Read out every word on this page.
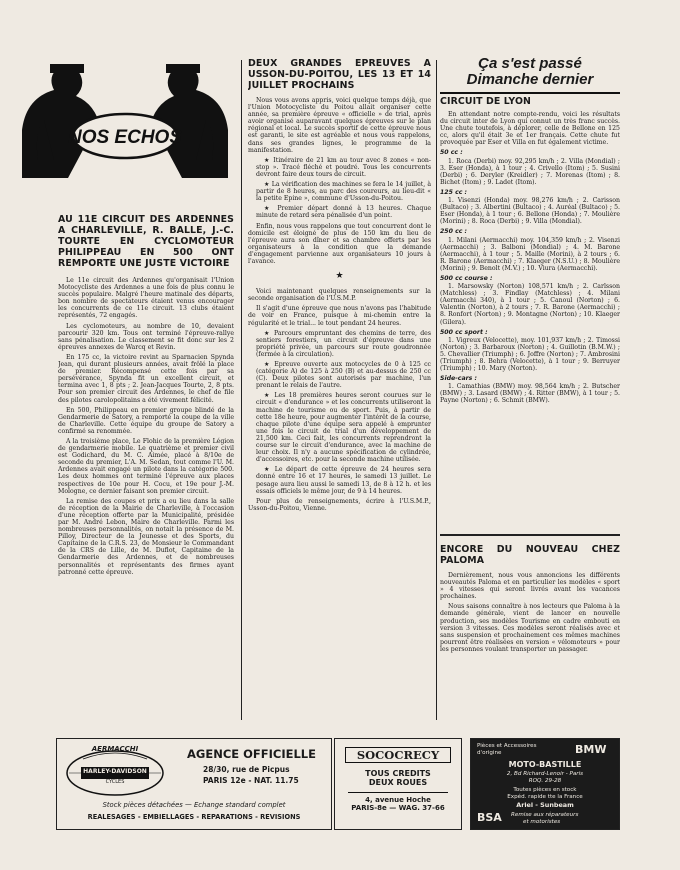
NOS ECHOS
AU 11E CIRCUIT DES ARDENNES A CHARLEVILLE, R. BALLE, J.-C. TOURTE EN CYCLOMOTEUR PHILIPPEAU EN 500 ONT REMPORTE UNE JUSTE VICTOIRE

Le 11e circuit des Ardennes qu'organisait l'Union Motocycliste des Ardennes a une fois de plus connu le succès populaire. Malgré l'heure matinale des départs, bon nombre de spectateurs étaient venus encourager les concurrents de ce 11e circuit. 13 clubs étaient représentés, 72 engagés.

Les cyclomoteurs, au nombre de 10, devaient parcourir 320 km. Tous ont terminé l'épreuve-rallye sans pénalisation. Le classement se fit donc sur les 2 épreuves annexes de Warcq et Revin.

En 175 cc, la victoire revint au Sparnacien Spynda Jean, qui durant plusieurs années, avait frôlé la place de premier. Récompensé cette fois par sa persévérance, Spynda fit un excellent circuit, et termina avec 1, 8 pts ; 2. Jean-Jacques Tourte, 2, 8 pts. Pour son premier circuit des Ardennes, le chef de file des pilotes carolopolitains a été vivement félicité.

En 500, Philippeau en premier groupe blindé de la Gendarmerie de Satory, a remporté la coupe de la ville de Charleville. Cette équipe du groupe de Satory a confirmé sa renommée.

A la troisième place, Le Flohic de la première Légion de gendarmerie mobile. Le quatrième et premier civil est Godichard, du M. C. Aimée, placé à 8/10e de seconde du premier, L'A. M. Sedan, tout comme l'U. M. Ardennes avait engagé un pilote dans la catégorie 500. Les deux hommes ont terminé l'épreuve aux places respectives de 10e pour H. Cocu, et 19e pour J.-M. Mologne, ce dernier faisant son premier circuit.

La remise des coupes et prix a eu lieu dans la salle de réception de la Mairie de Charleville, à l'occasion d'une réception offerte par la Municipalité, présidée par M. André Lebon, Maire de Charleville. Parmi les nombreuses personnalités, on notait la présence de M. Pilloy, Directeur de la Jeunesse et des Sports, du Capitaine de la C.R.S. 23, de Monsieur le Commandant de la CRS de Lille, de M. Duflot, Capitaine de la Gendarmerie des Ardennes, et de nombreuses personnalités et représentants des firmes ayant patronné cette épreuve.

DEUX GRANDES EPREUVES A USSON-DU-POITOU, LES 13 ET 14 JUILLET PROCHAINS

Nous vous avons appris, voici quelque temps déjà, que l'Union Motocycliste du Poitou allait organiser cette année, sa première épreuve « officielle » de trial, après avoir organisé auparavant quelques épreuves sur le plan régional et local. Le succès sportif de cette épreuve nous est garanti, le site est agréable et nous vous rappelons, dans ses grandes lignes, le programme de la manifestation.

★ Itinéraire de 21 km au tour avec 8 zones « non-stop ». Tracé fléché et poudré. Tous les concurrents devront faire deux tours de circuit.

★ La vérification des machines se fera le 14 juillet, à partir de 8 heures, au parc des coureurs, au lieu-dit « la petite Epine », commune d'Usson-du-Poitou.

★ Premier départ donné à 13 heures. Chaque minute de retard sera pénalisée d'un point.

Enfin, nous vous rappelons que tout concurrent dont le domicile est éloigné de plus de 150 km du lieu de l'épreuve aura son dîner et sa chambre offerts par les organisateurs à la condition que la demande d'engagement parvienne aux organisateurs 10 jours à l'avance.

★

Voici maintenant quelques renseignements sur la seconde organisation de l'U.S.M.P.

Il s'agit d'une épreuve que nous n'avons pas l'habitude de voir en France, puisque à mi-chemin entre la régularité et le trial... le tout pendant 24 heures.

★ Parcours empruntant des chemins de terre, des sentiers forestiers, un circuit d'épreuve dans une propriété privée, un parcours sur route goudronnée (fermée à la circulation).

★ Epreuve ouverte aux motocycles de 0 à 125 cc (catégorie A) de 125 à 250 (B) et au-dessus de 250 cc (C). Deux pilotes sont autorisés par machine, l'un prenant le relais de l'autre.

★ Les 18 premières heures seront courues sur le circuit « d'endurance » et les concurrents utiliseront la machine de tourisme ou de sport. Puis, à partir de cette 18e heure, pour augmenter l'intérêt de la course, chaque pilote d'une équipe sera appelé à emprunter une fois le circuit de trial d'un développement de 21,500 km. Ceci fait, les concurrents reprendront la course sur le circuit d'endurance, avec la machine de leur choix. Il n'y a aucune spécification de cylindrée, d'accessoires, etc. pour la seconde machine utilisée.

★ Le départ de cette épreuve de 24 heures sera donné entre 16 et 17 heures, le samedi 13 juillet. Le pesage aura lieu aussi le samedi 13, de 8 à 12 h. et les essais officiels le même jour, de 9 à 14 heures.

Pour plus de renseignements, écrire à l'U.S.M.P., Usson-du-Poitou, Vienne.

Ça s'est passé
Dimanche dernier
CIRCUIT DE LYON

En attendant notre compte-rendu, voici les résultats du circuit inter de Lyon qui connut un très franc succès. Une chute toutefois, à déplorer, celle de Bellone en 125 cc, alors qu'il était 3e et 1er français. Cette chute fut provoquée par Eser et Villa en fut également victime.

50 cc :

1. Roca (Derbi) moy. 92,295 km/h ; 2. Villa (Mondial) ; 3. Eser (Honda), à 1 tour ; 4. Crivello (Itom) ; 5. Susini (Derbi) ; 6. Deryler (Kreidler) ; 7. Morenas (Itom) ; 8. Bichet (Itom) ; 9. Ladet (Itom).

125 cc :

1. Visenzi (Honda) moy. 98,276 km/h ; 2. Carisson (Bultaco) ; 3. Albertini (Bultaco) ; 4. Auréal (Bultaco) ; 5. Eser (Honda), à 1 tour ; 6. Bellone (Honda) ; 7. Moulière (Morini) ; 8. Roca (Derbi) ; 9. Villa (Mondial).

250 cc :

1. Milani (Aermacchi) moy. 104,359 km/h ; 2. Visenzi (Aermacchi) ; 3. Balboni (Mondial) ; 4. M. Barone (Aermacchi), à 1 tour ; 5. Maille (Morini), à 2 tours ; 6. R. Barone (Aermacchi) ; 7. Klaeger (N.S.U.) ; 8. Moulière (Morini) ; 9. Benolt (M.V.) ; 10. Viura (Aermacchi).

500 cc course :

1. Marsowsky (Norton) 108,571 km/h ; 2. Carlsson (Matchless) ; 3. Findlay (Matchless) ; 4. Milani (Aermacchi 340), à 1 tour ; 5. Canoul (Norton) ; 6. Valentin (Norton), à 2 tours ; 7. R. Barone (Aermacchi) ; 8. Ronfort (Norton) ; 9. Montagne (Norton) ; 10. Klaeger (Gilera).

500 cc sport :

1. Vigreux (Velocette), moy. 101,937 km/h ; 2. Timossi (Norton) ; 3. Barbaroux (Norton) ; 4. Guillotin (B.M.W.) ; 5. Chevallier (Triumph) ; 6. Joffre (Norton) ; 7. Ambrosini (Triumph) ; 8. Behra (Velocette), à 1 tour ; 9. Berruyer (Triumph) ; 10. Mary (Norton).

Side-cars :

1. Camathias (BMW) moy. 98,564 km/h ; 2. Butscher (BMW) ; 3. Lasard (BMW) ; 4. Ritter (BMW), à 1 tour ; 5. Payne (Norton) ; 6. Schmit (BMW).

ENCORE DU NOUVEAU CHEZ PALOMA

Dernièrement, nous vous annoncions les différents nouveautés Paloma et en particulier les modèles « sport » 4 vitesses qui seront livrés avant les vacances prochaines.

Nous saisons connaître à nos lecteurs que Paloma à la demande générale, vient de lancer en nouvelle production, ses modèles Tourisme en cadre embouti en version 3 vitesses. Ces modèles seront réalisés avec et sans suspension et prochainement ces mêmes machines pourront être réalisées en version « vélomoteurs » pour les personnes voulant transporter un passager.

AERMACCHI
HARLEY-DAVIDSON
CYCLES
AGENCE OFFICIELLE
28/30, rue de Picpus
PARIS 12e - NAT. 11.75
Stock pièces détachées — Echange standard complet
REALESAGES - EMBIELLAGES - REPARATIONS - REVISIONS
SOCOCRECY
TOUS CREDITS
DEUX ROUES
4, avenue Hoche
PARIS-8e — WAG. 37-66
Pièces et Accessoires
d'origine	BMW
MOTO-BASTILLE
2, Bd Richard-Lenoir - Paris
ROQ. 29-28
Toutes pièces en stock
Expéd. rapide tte la France
Ariel - Sunbeam
BSA Remise aux réparateurs
et motoristes
